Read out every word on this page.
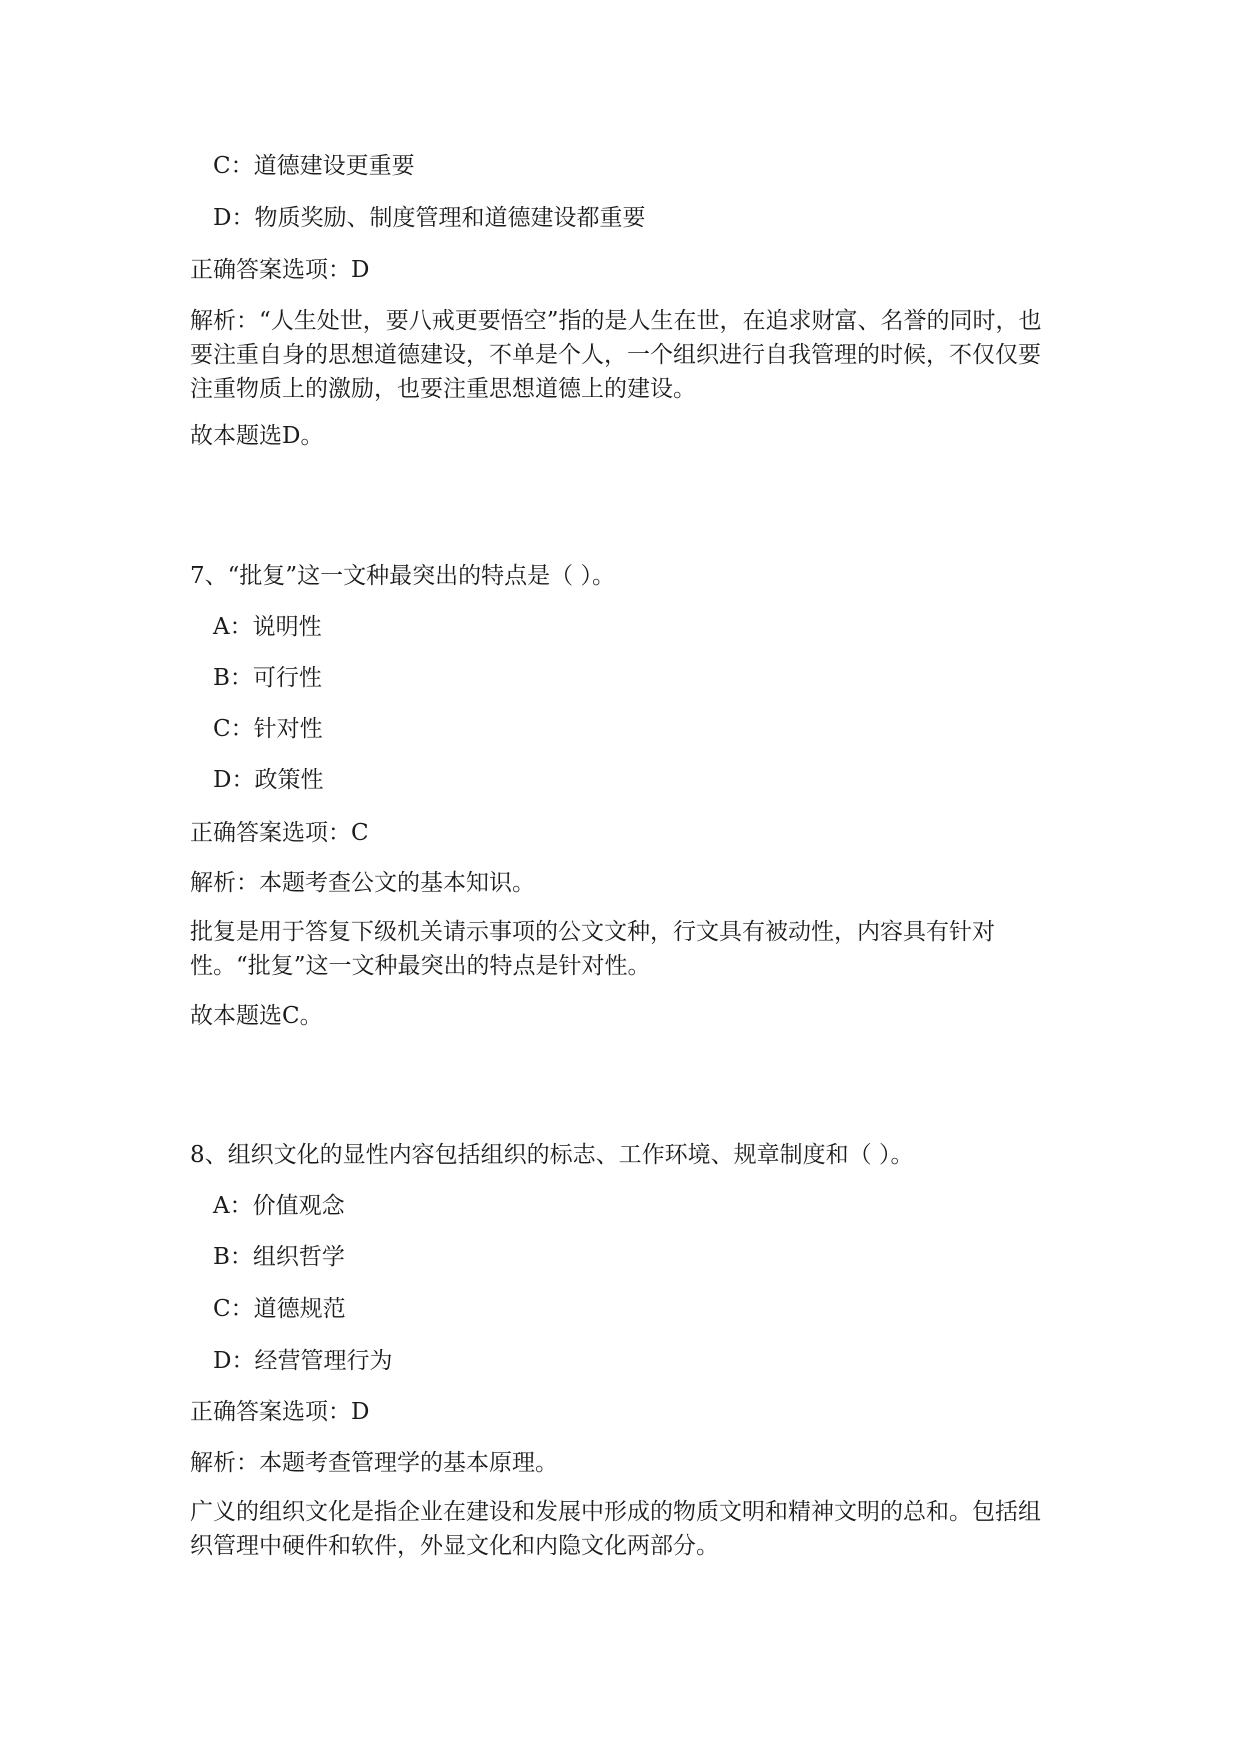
C：道德建设更重要
D：物质奖励、制度管理和道德建设都重要
正确答案选项：D
解析：“人生处世，要八戒更要悟空”指的是人生在世，在追求财富、名誉的同时，也要注重自身的思想道德建设，不单是个人，一个组织进行自我管理的时候，不仅仅要注重物质上的激励，也要注重思想道德上的建设。
故本题选D。
7、“批复”这一文种最突出的特点是（ ）。
A：说明性
B：可行性
C：针对性
D：政策性
正确答案选项：C
解析：本题考查公文的基本知识。
批复是用于答复下级机关请示事项的公文文种，行文具有被动性，内容具有针对性。“批复”这一文种最突出的特点是针对性。
故本题选C。
8、组织文化的显性内容包括组织的标志、工作环境、规章制度和（ ）。
A：价值观念
B：组织哲学
C：道德规范
D：经营管理行为
正确答案选项：D
解析：本题考查管理学的基本原理。
广义的组织文化是指企业在建设和发展中形成的物质文明和精神文明的总和。包括组织管理中硬件和软件，外显文化和内隐文化两部分。
